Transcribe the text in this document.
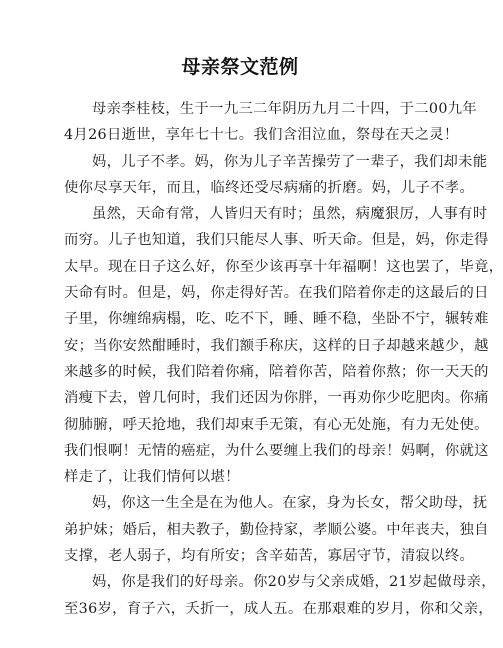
母亲祭文范例
母亲李桂枝，生于一九三二年阴历九月二十四，于二00九年
4月26日逝世，享年七十七。我们含泪泣血，祭母在天之灵！
妈，儿子不孝。妈，你为儿子辛苦操劳了一辈子，我们却未能
使你尽享天年，而且，临终还受尽病痛的折磨。妈，儿子不孝。
虽然，天命有常，人皆归天有时；虽然，病魔狠厉，人事有时
而穷。儿子也知道，我们只能尽人事、听天命。但是，妈，你走得
太早。现在日子这么好，你至少该再享十年福啊！这也罢了，毕竟，
天命有时。但是，妈，你走得好苦。在我们陪着你走的这最后的日
子里，你缠绵病榻，吃、吃不下，睡、睡不稳，坐卧不宁，辗转难
安；当你安然酣睡时，我们额手称庆，这样的日子却越来越少，越
来越多的时候，我们陪着你痛，陪着你苦，陪着你熬；你一天天的
消瘦下去，曾几何时，我们还因为你胖，一再劝你少吃肥肉。你痛
彻肺腑，呼天抢地，我们却束手无策，有心无处施，有力无处使。
我们恨啊！无情的癌症，为什么要缠上我们的母亲！妈啊，你就这
样走了，让我们情何以堪！
妈，你这一生全是在为他人。在家，身为长女，帮父助母，抚
弟护妹；婚后，相夫教子，勤俭持家，孝顺公婆。中年丧夫，独自
支撑，老人弱子，均有所安；含辛茹苦，寡居守节，清寂以终。
妈，你是我们的好母亲。你20岁与父亲成婚，21岁起做母亲，
至36岁，育子六，夭折一，成人五。在那艰难的岁月，你和父亲，
